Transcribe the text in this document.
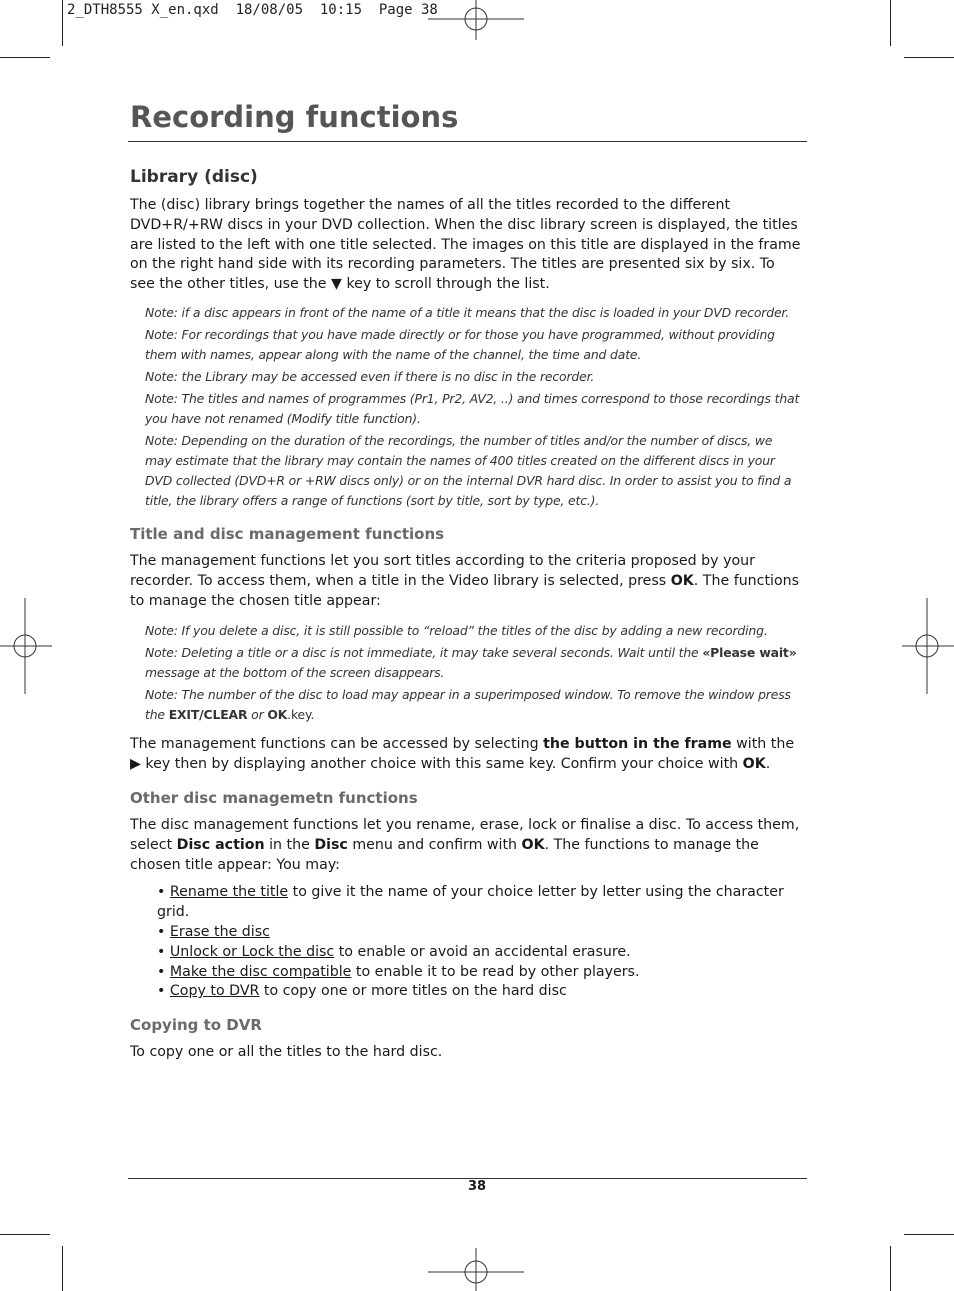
2_DTH8555 X_en.qxd  18/08/05  10:15  Page 38
Recording functions
Library (disc)

The (disc) library brings together the names of all the titles recorded to the different DVD+R/+RW discs in your DVD collection. When the disc library screen is displayed, the titles are listed to the left with one title selected. The images on this title are displayed in the frame on the right hand side with its recording parameters. The titles are presented six by six. To see the other titles, use the ▼ key to scroll through the list.

Note: if a disc appears in front of the name of a title it means that the disc is loaded in your DVD recorder.

Note: For recordings that you have made directly or for those you have programmed, without providing them with names, appear along with the name of the channel, the time and date.

Note: the Library may be accessed even if there is no disc in the recorder.

Note: The titles and names of programmes (Pr1, Pr2, AV2, ..) and times correspond to those recordings that you have not renamed (Modify title function).

Note: Depending on the duration of the recordings, the number of titles and/or the number of discs, we may estimate that the library may contain the names of 400 titles created on the different discs in your DVD collected (DVD+R or +RW discs only) or on the internal DVR hard disc. In order to assist you to find a title, the library offers a range of functions (sort by title, sort by type, etc.).

Title and disc management functions

The management functions let you sort titles according to the criteria proposed by your recorder. To access them, when a title in the Video library is selected, press OK. The functions to manage the chosen title appear:

Note: If you delete a disc, it is still possible to “reload” the titles of the disc by adding a new recording.

Note: Deleting a title or a disc is not immediate, it may take several seconds. Wait until the «Please wait» message at the bottom of the screen disappears.

Note: The number of the disc to load may appear in a superimposed window. To remove the window press the EXIT/CLEAR or OK.key.

The management functions can be accessed by selecting the button in the frame with the ▶ key then by displaying another choice with this same key. Confirm your choice with OK.

Other disc managemetn functions

The disc management functions let you rename, erase, lock or finalise a disc. To access them, select Disc action in the Disc menu and confirm with OK. The functions to manage the chosen title appear: You may:

• Rename the title to give it the name of your choice letter by letter using the character grid.
• Erase the disc
• Unlock or Lock the disc to enable or avoid an accidental erasure.
• Make the disc compatible to enable it to be read by other players.
• Copy to DVR to copy one or more titles on the hard disc
Copying to DVR

To copy one or all the titles to the hard disc.

38
